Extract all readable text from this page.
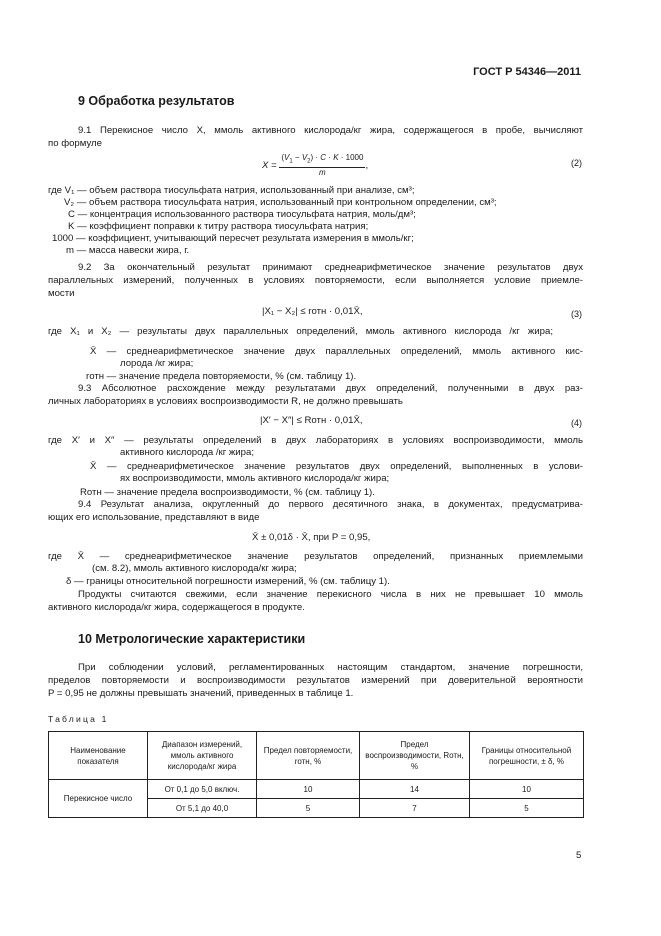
ГОСТ Р 54346—2011
9 Обработка результатов
9.1 Перекисное число X, ммоль активного кислорода/кг жира, содержащегося в пробе, вычисляют
по формуле
$X = \frac{(V_1 - V_2) \cdot C \cdot K \cdot 1000}{m}$ ,	(2)
где V₁ — объем раствора тиосульфата натрия, использованный при анализе, см³;
V₂ — объем раствора тиосульфата натрия, использованный при контрольном определении, см³;
C — концентрация использованного раствора тиосульфата натрия, моль/дм³;
K — коэффициент поправки к титру раствора тиосульфата натрия;
1000 — коэффициент, учитывающий пересчет результата измерения в ммоль/кг;
m — масса навески жира, г.
9.2 За окончательный результат принимают среднеарифметическое значение результатов двух
параллельных измерений, полученных в условиях повторяемости, если выполняется условие приемле-
мости
|X₁ − X₂| ≤ rотн · 0,01X̄,	(3)
где X₁ и X₂ — результаты двух параллельных определений, ммоль активного кислорода /кг жира;
X̄ — среднеарифметическое значение двух параллельных определений, ммоль активного кис-
лорода /кг жира;
rотн — значение предела повторяемости, % (см. таблицу 1).
9.3 Абсолютное расхождение между результатами двух определений, полученными в двух раз-
личных лабораториях в условиях воспроизводимости R, не должно превышать
|X′ − X″| ≤ Rотн · 0,01X̄,	(4)
где X′ и X″ — результаты определений в двух лабораториях в условиях воспроизводимости, ммоль
активного кислорода /кг жира;
X̄ — среднеарифметическое значение результатов двух определений, выполненных в услови-
ях воспроизводимости, ммоль активного кислорода/кг жира;
Rотн — значение предела воспроизводимости, % (см. таблицу 1).
9.4 Результат анализа, округленный до первого десятичного знака, в документах, предусматрива-
ющих его использование, представляют в виде
X̄ ± 0,01δ · X̄, при P = 0,95,
где X̄ — среднеарифметическое значение результатов определений, признанных приемлемыми
(см. 8.2), ммоль активного кислорода/кг жира;
δ — границы относительной погрешности измерений, % (см. таблицу 1).
Продукты считаются свежими, если значение перекисного числа в них не превышает 10 ммоль
активного кислорода/кг жира, содержащегося в продукте.
10 Метрологические характеристики
При соблюдении условий, регламентированных настоящим стандартом, значение погрешности,
пределов повторяемости и воспроизводимости результатов измерений при доверительной вероятности
P = 0,95 не должны превышать значений, приведенных в таблице 1.
Таблица 1
Наименование показателя	Диапазон измерений, ммоль активного кислорода/кг жира	Предел повторяемости, rотн, %	Предел воспроизводимости, Rотн, %	Границы относительной погрешности, ± δ, %
Перекисное число	От 0,1 до 5,0 включ.	10	14	10
	От 5,1 до 40,0	5	7	5
5
